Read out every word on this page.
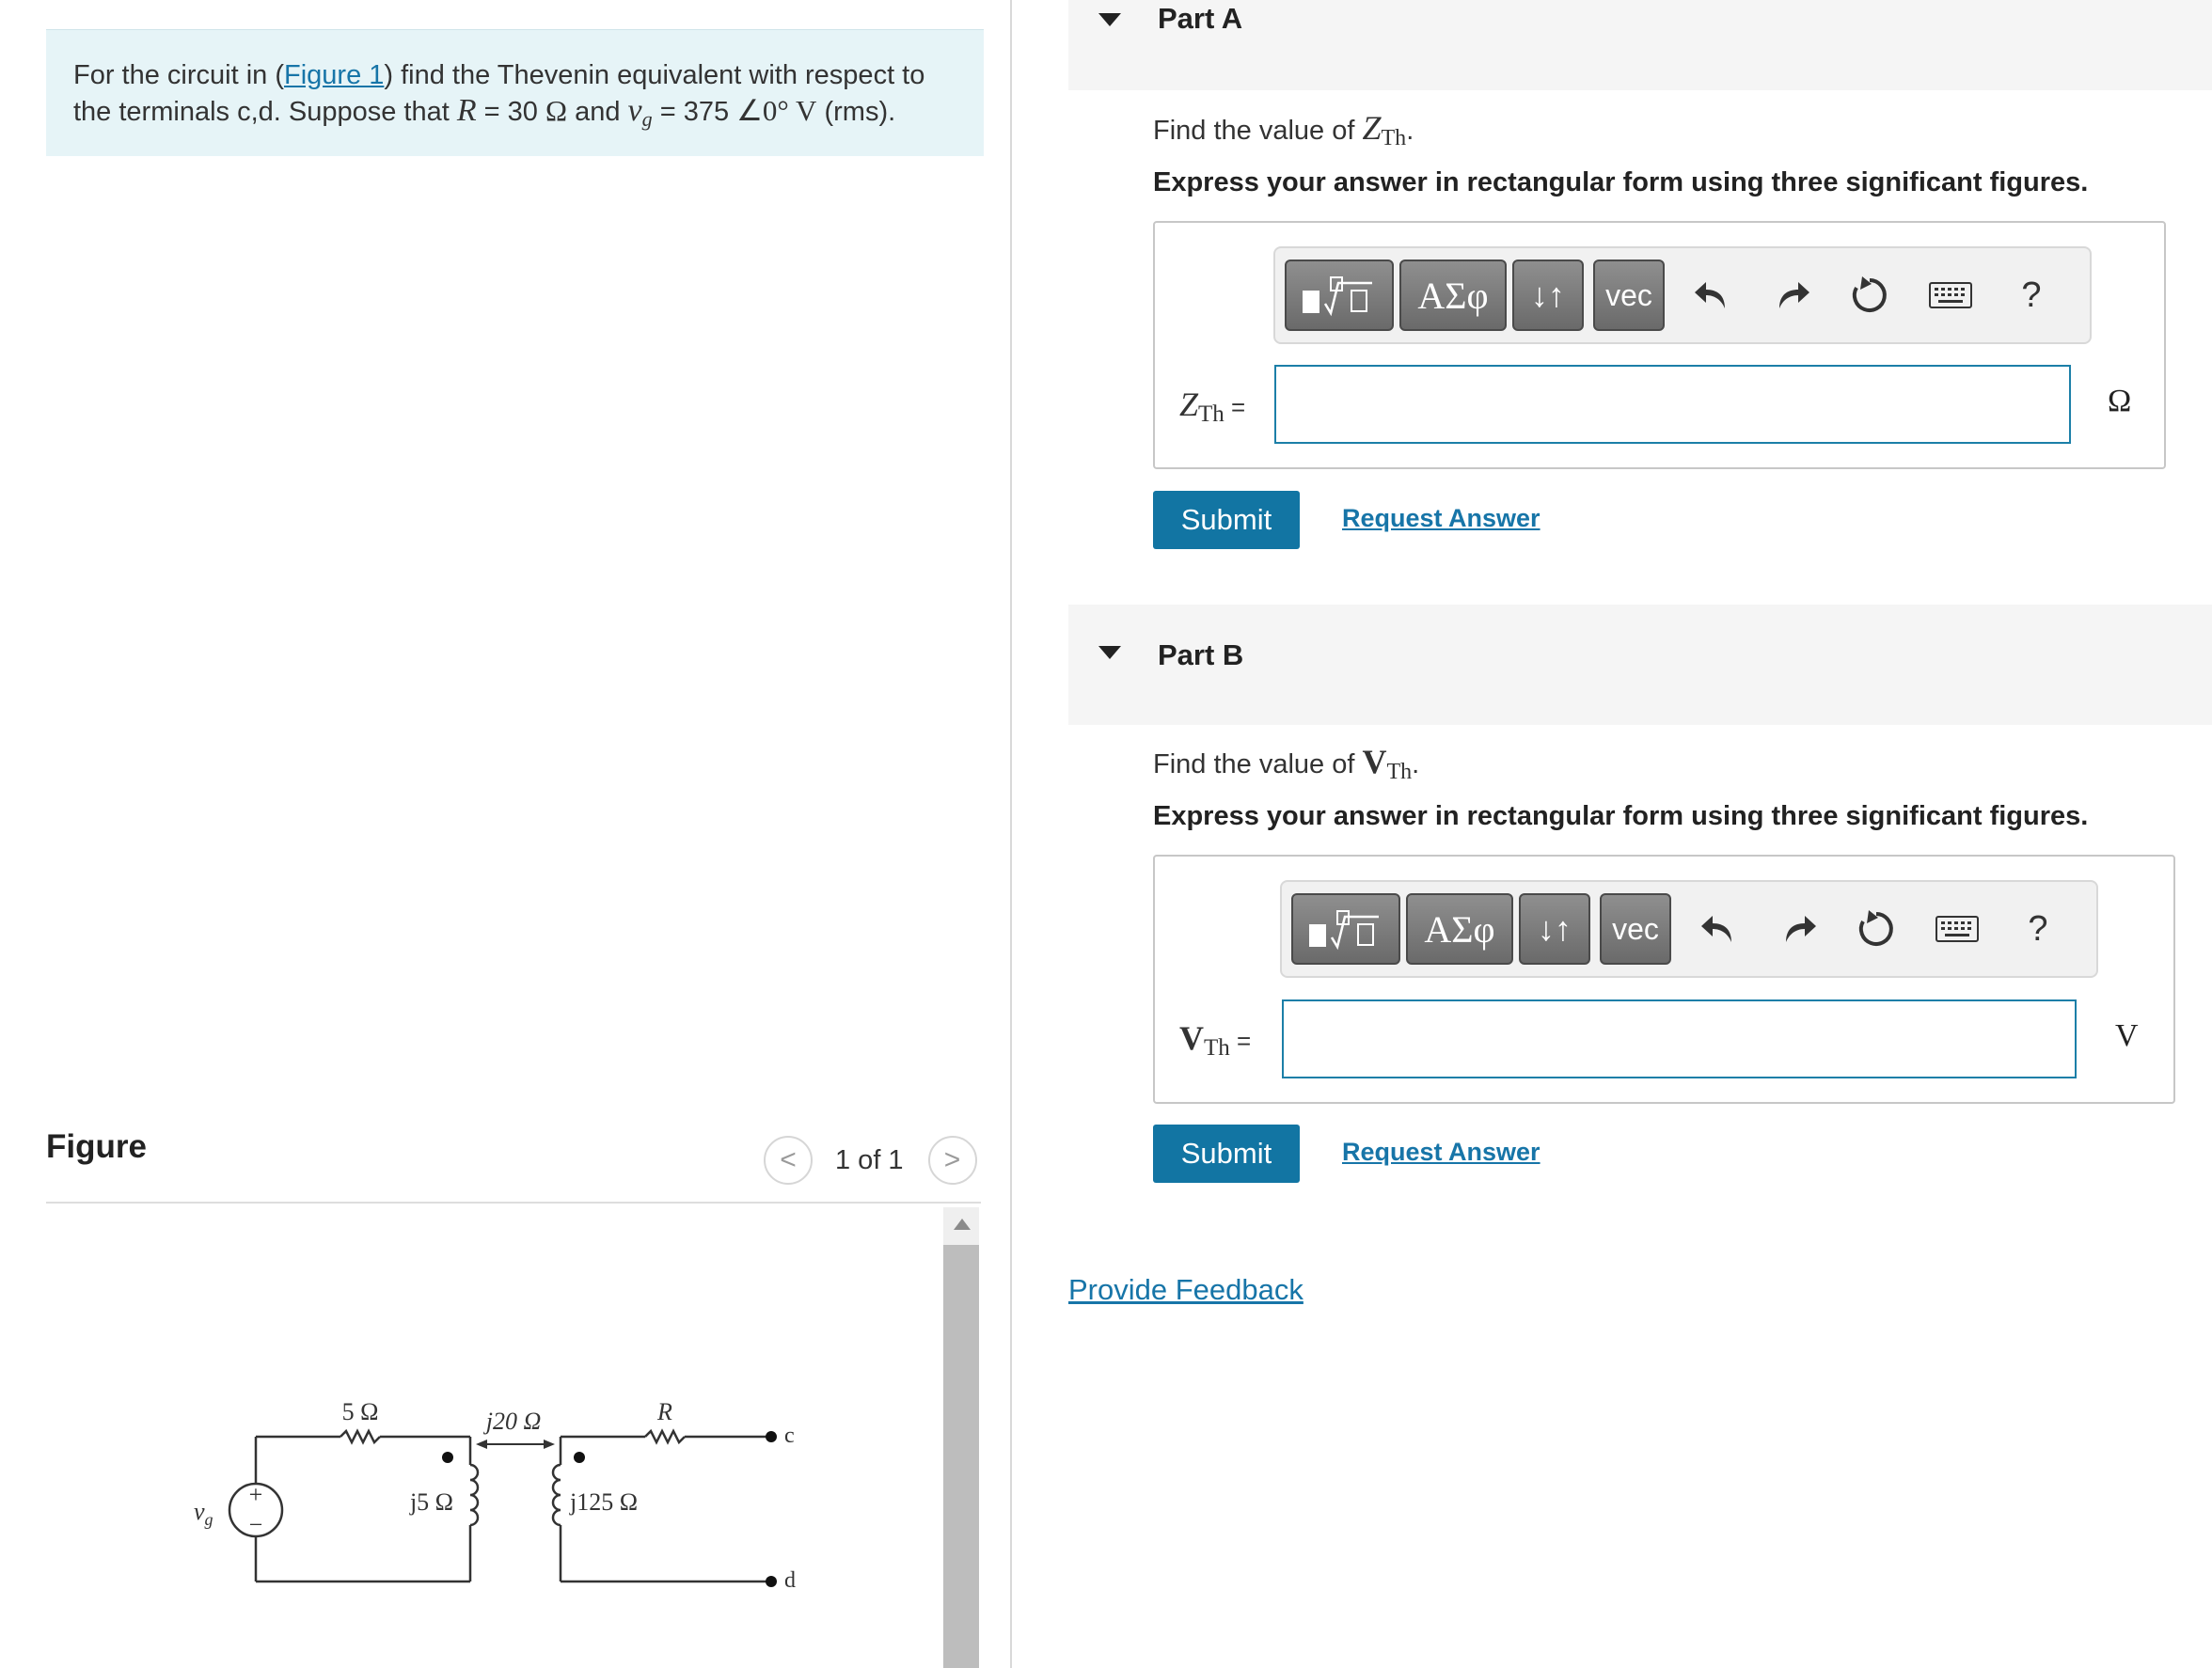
For the circuit in (Figure 1) find the Thevenin equivalent with respect to the terminals c,d. Suppose that R = 30 Ω and $v_g = 375$ ∠0° V (rms).
Figure	< 1 of 1 >
+
−
$v_g$
5 Ω
j5 Ω	j125 Ω
R
c
d
j20 Ω
Part A
Find the value of $Z_{Th}$.
Express your answer in rectangular form using three significant figures.
ΑΣφ ↓↑ vec	?
ZTh =	Ω
Submit	Request Answer
Part B
Find the value of $V_{Th}$.
Express your answer in rectangular form using three significant figures.
ΑΣφ ↓↑ vec	?
VTh =	V
Submit	Request Answer
Provide Feedback
